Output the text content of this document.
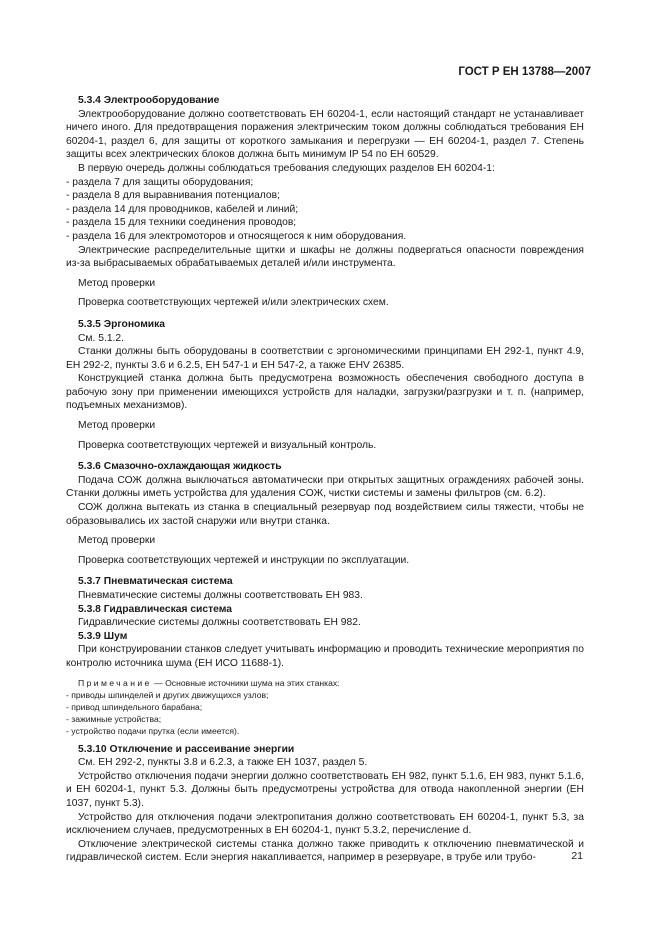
ГОСТ Р ЕН 13788—2007

5.3.4 Электрооборудование

Электрооборудование должно соответствовать ЕН 60204-1, если настоящий стандарт не устанавливает ничего иного. Для предотвращения поражения электрическим током должны соблюдаться требования ЕН 60204-1, раздел 6, для защиты от короткого замыкания и перегрузки — ЕН 60204-1, раздел 7. Степень защиты всех электрических блоков должна быть минимум IP 54 по ЕН 60529.

В первую очередь должны соблюдаться требования следующих разделов ЕН 60204-1:

- раздела 7 для защиты оборудования;
- раздела 8 для выравнивания потенциалов;
- раздела 14 для проводников, кабелей и линий;
- раздела 15 для техники соединения проводов;
- раздела 16 для электромоторов и относящегося к ним оборудования.

Электрические распределительные щитки и шкафы не должны подвергаться опасности повреждения из-за выбрасываемых обрабатываемых деталей и/или инструмента.

Метод проверки

Проверка соответствующих чертежей и/или электрических схем.

5.3.5 Эргономика

См. 5.1.2.

Станки должны быть оборудованы в соответствии с эргономическими принципами ЕН 292-1, пункт 4.9, ЕН 292-2, пункты 3.6 и 6.2.5, ЕН 547-1 и ЕН 547-2, а также ЕНV 26385.

Конструкцией станка должна быть предусмотрена возможность обеспечения свободного доступа в рабочую зону при применении имеющихся устройств для наладки, загрузки/разгрузки и т. п. (например, подъемных механизмов).

Метод проверки

Проверка соответствующих чертежей и визуальный контроль.

5.3.6 Смазочно-охлаждающая жидкость

Подача СОЖ должна выключаться автоматически при открытых защитных ограждениях рабочей зоны. Станки должны иметь устройства для удаления СОЖ, чистки системы и замены фильтров (см. 6.2).

СОЖ должна вытекать из станка в специальный резервуар под воздействием силы тяжести, чтобы не образовывались их застой снаружи или внутри станка.

Метод проверки

Проверка соответствующих чертежей и инструкции по эксплуатации.

5.3.7 Пневматическая система

Пневматические системы должны соответствовать ЕН 983.

5.3.8 Гидравлическая система

Гидравлические системы должны соответствовать ЕН 982.

5.3.9 Шум

При конструировании станков следует учитывать информацию и проводить технические мероприятия по контролю источника шума (ЕН ИСО 11688-1).

Примечание — Основные источники шума на этих станках:

- приводы шпинделей и других движущихся узлов;
- привод шпиндельного барабана;
- зажимные устройства;
- устройство подачи прутка (если имеется).

5.3.10 Отключение и рассеивание энергии

См. ЕН 292-2, пункты 3.8 и 6.2.3, а также ЕН 1037, раздел 5.

Устройство отключения подачи энергии должно соответствовать ЕН 982, пункт 5.1.6, ЕН 983, пункт 5.1.6, и ЕН 60204-1, пункт 5.3. Должны быть предусмотрены устройства для отвода накопленной энергии (ЕН 1037, пункт 5.3).

Устройство для отключения подачи электропитания должно соответствовать ЕН 60204-1, пункт 5.3, за исключением случаев, предусмотренных в ЕН 60204-1, пункт 5.3.2, перечисление d.

Отключение электрической системы станка должно также приводить к отключению пневматической и гидравлической систем. Если энергия накапливается, например в резервуаре, в трубе или трубо-	21
